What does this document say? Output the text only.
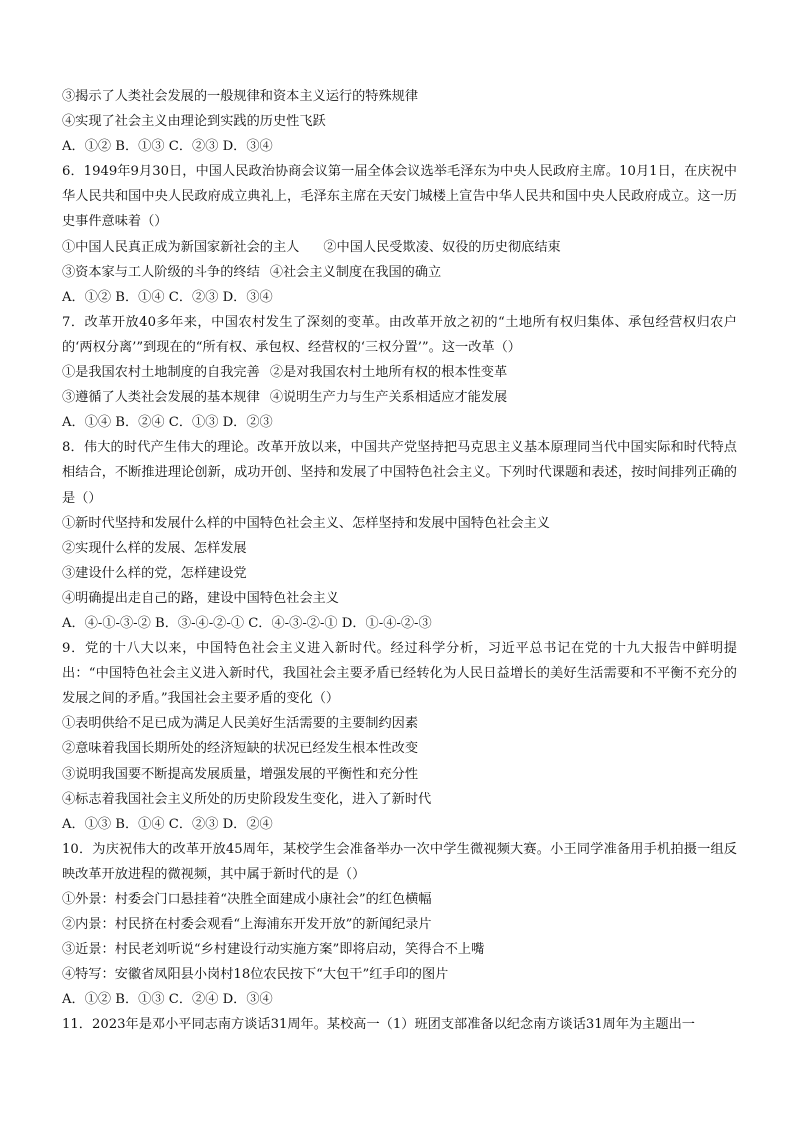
③揭示了人类社会发展的一般规律和资本主义运行的特殊规律
④实现了社会主义由理论到实践的历史性飞跃
A．①② B．①③ C．②③ D．③④
6．1949年9月30日，中国人民政治协商会议第一届全体会议选举毛泽东为中央人民政府主席。10月1日，在庆祝中华人民共和国中央人民政府成立典礼上，毛泽东主席在天安门城楼上宣告中华人民共和国中央人民政府成立。这一历史事件意味着（）
①中国人民真正成为新国家新社会的主人 ②中国人民受欺凌、奴役的历史彻底结束
③资本家与工人阶级的斗争的终结 ④社会主义制度在我国的确立
A．①② B．①④ C．②③ D．③④
7．改革开放40多年来，中国农村发生了深刻的变革。由改革开放之初的“土地所有权归集体、承包经营权归农户的‘两权分离’”到现在的“所有权、承包权、经营权的‘三权分置’”。这一改革（）
①是我国农村土地制度的自我完善 ②是对我国农村土地所有权的根本性变革
③遵循了人类社会发展的基本规律 ④说明生产力与生产关系相适应才能发展
A．①④ B．②④ C．①③ D．②③
8．伟大的时代产生伟大的理论。改革开放以来，中国共产党坚持把马克思主义基本原理同当代中国实际和时代特点相结合，不断推进理论创新，成功开创、坚持和发展了中国特色社会主义。下列时代课题和表述，按时间排列正确的是（）
①新时代坚持和发展什么样的中国特色社会主义、怎样坚持和发展中国特色社会主义
②实现什么样的发展、怎样发展
③建设什么样的党，怎样建设党
④明确提出走自己的路，建设中国特色社会主义
A．④-①-③-② B．③-④-②-① C．④-③-②-① D．①-④-②-③
9．党的十八大以来，中国特色社会主义进入新时代。经过科学分析，习近平总书记在党的十九大报告中鲜明提出：“中国特色社会主义进入新时代，我国社会主要矛盾已经转化为人民日益增长的美好生活需要和不平衡不充分的发展之间的矛盾。”我国社会主要矛盾的变化（）
①表明供给不足已成为满足人民美好生活需要的主要制约因素
②意味着我国长期所处的经济短缺的状况已经发生根本性改变
③说明我国要不断提高发展质量，增强发展的平衡性和充分性
④标志着我国社会主义所处的历史阶段发生变化，进入了新时代
A．①③ B．①④ C．②③ D．②④
10．为庆祝伟大的改革开放45周年，某校学生会准备举办一次中学生微视频大赛。小王同学准备用手机拍摄一组反映改革开放进程的微视频，其中属于新时代的是（）
①外景：村委会门口悬挂着“决胜全面建成小康社会”的红色横幅
②内景：村民挤在村委会观看“上海浦东开发开放”的新闻纪录片
③近景：村民老刘听说“乡村建设行动实施方案”即将启动，笑得合不上嘴
④特写：安徽省凤阳县小岗村18位农民按下“大包干”红手印的图片
A．①② B．①③ C．②④ D．③④
11．2023年是邓小平同志南方谈话31周年。某校高一（1）班团支部准备以纪念南方谈话31周年为主题出一
